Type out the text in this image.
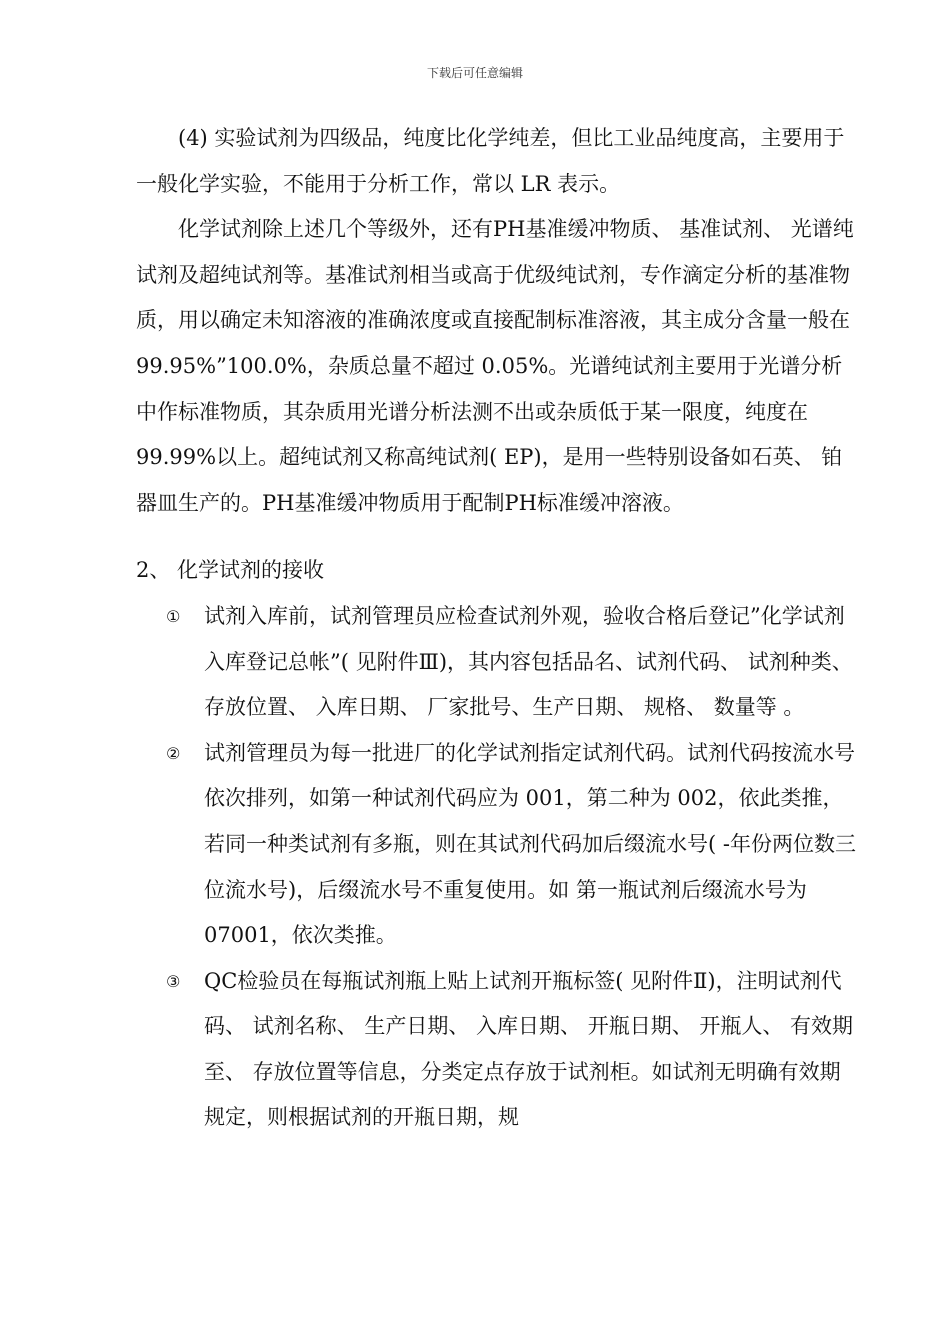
下载后可任意编辑

(4) 实验试剂为四级品，纯度比化学纯差，但比工业品纯度高，主要用于一般化学实验，不能用于分析工作，常以 LR 表示。

化学试剂除上述几个等级外，还有PH基准缓冲物质、 基准试剂、 光谱纯试剂及超纯试剂等。基准试剂相当或高于优级纯试剂，专作滴定分析的基准物质，用以确定未知溶液的准确浓度或直接配制标准溶液，其主成分含量一般在 99.95%”100.0%，杂质总量不超过 0.05%。光谱纯试剂主要用于光谱分析中作标准物质，其杂质用光谱分析法测不出或杂质低于某一限度，纯度在 99.99%以上。超纯试剂又称高纯试剂( EP)，是用一些特别设备如石英、 铂器皿生产的。PH基准缓冲物质用于配制PH标准缓冲溶液。

2、 化学试剂的接收

① 试剂入库前，试剂管理员应检查试剂外观，验收合格后登记”化学试剂入库登记总帐”( 见附件Ⅲ)，其内容包括品名、试剂代码、 试剂种类、 存放位置、 入库日期、 厂家批号、生产日期、 规格、 数量等 。
② 试剂管理员为每一批进厂的化学试剂指定试剂代码。试剂代码按流水号依次排列，如第一种试剂代码应为 001，第二种为 002，依此类推，若同一种类试剂有多瓶，则在其试剂代码加后缀流水号( -年份两位数三位流水号)，后缀流水号不重复使用。如 第一瓶试剂后缀流水号为 07001，依次类推。
③ QC检验员在每瓶试剂瓶上贴上试剂开瓶标签( 见附件Ⅱ)，注明试剂代码、 试剂名称、 生产日期、 入库日期、 开瓶日期、 开瓶人、 有效期至、 存放位置等信息，分类定点存放于试剂柜。如试剂无明确有效期规定，则根据试剂的开瓶日期，规
